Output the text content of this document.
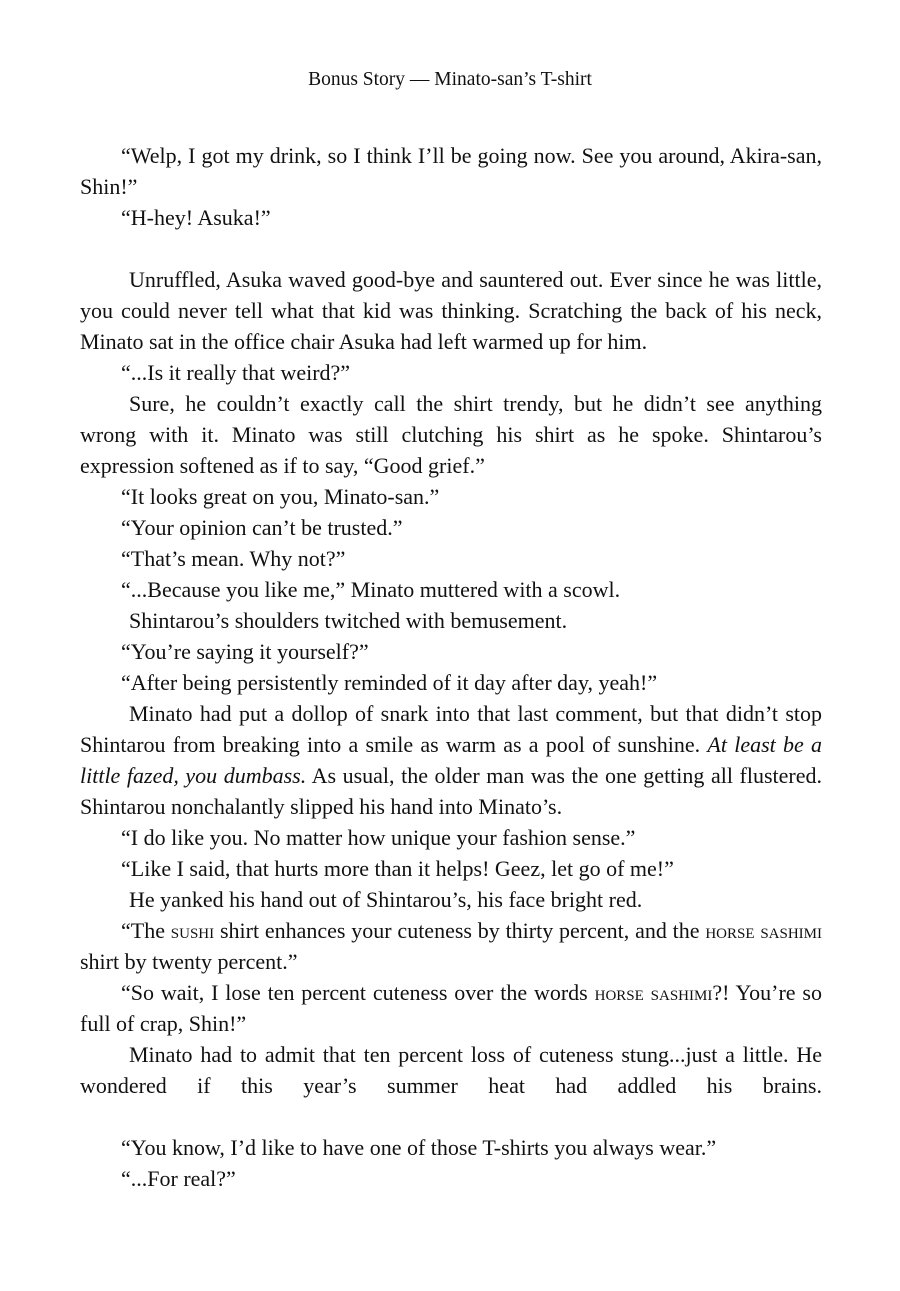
Bonus Story — Minato-san’s T-shirt

“Welp, I got my drink, so I think I’ll be going now. See you around, Akira-san, Shin!”

“H-hey! Asuka!”

Unruffled, Asuka waved good-bye and sauntered out. Ever since he was little, you could never tell what that kid was thinking. Scratching the back of his neck, Minato sat in the office chair Asuka had left warmed up for him.

“...Is it really that weird?”

Sure, he couldn’t exactly call the shirt trendy, but he didn’t see anything wrong with it. Minato was still clutching his shirt as he spoke. Shintarou’s expression softened as if to say, “Good grief.”

“It looks great on you, Minato-san.”

“Your opinion can’t be trusted.”

“That’s mean. Why not?”

“...Because you like me,” Minato muttered with a scowl.

Shintarou’s shoulders twitched with bemusement.

“You’re saying it yourself?”

“After being persistently reminded of it day after day, yeah!”

Minato had put a dollop of snark into that last comment, but that didn’t stop Shintarou from breaking into a smile as warm as a pool of sunshine. At least be a little fazed, you dumbass. As usual, the older man was the one getting all flustered. Shintarou nonchalantly slipped his hand into Minato’s.

“I do like you. No matter how unique your fashion sense.”

“Like I said, that hurts more than it helps! Geez, let go of me!”

He yanked his hand out of Shintarou’s, his face bright red.

“The sushi shirt enhances your cuteness by thirty percent, and the horse sashimi shirt by twenty percent.”

“So wait, I lose ten percent cuteness over the words horse sashimi?! You’re so full of crap, Shin!”

Minato had to admit that ten percent loss of cuteness stung...just a little. He wondered if this year’s summer heat had addled his brains.

“You know, I’d like to have one of those T-shirts you always wear.”

“...For real?”
